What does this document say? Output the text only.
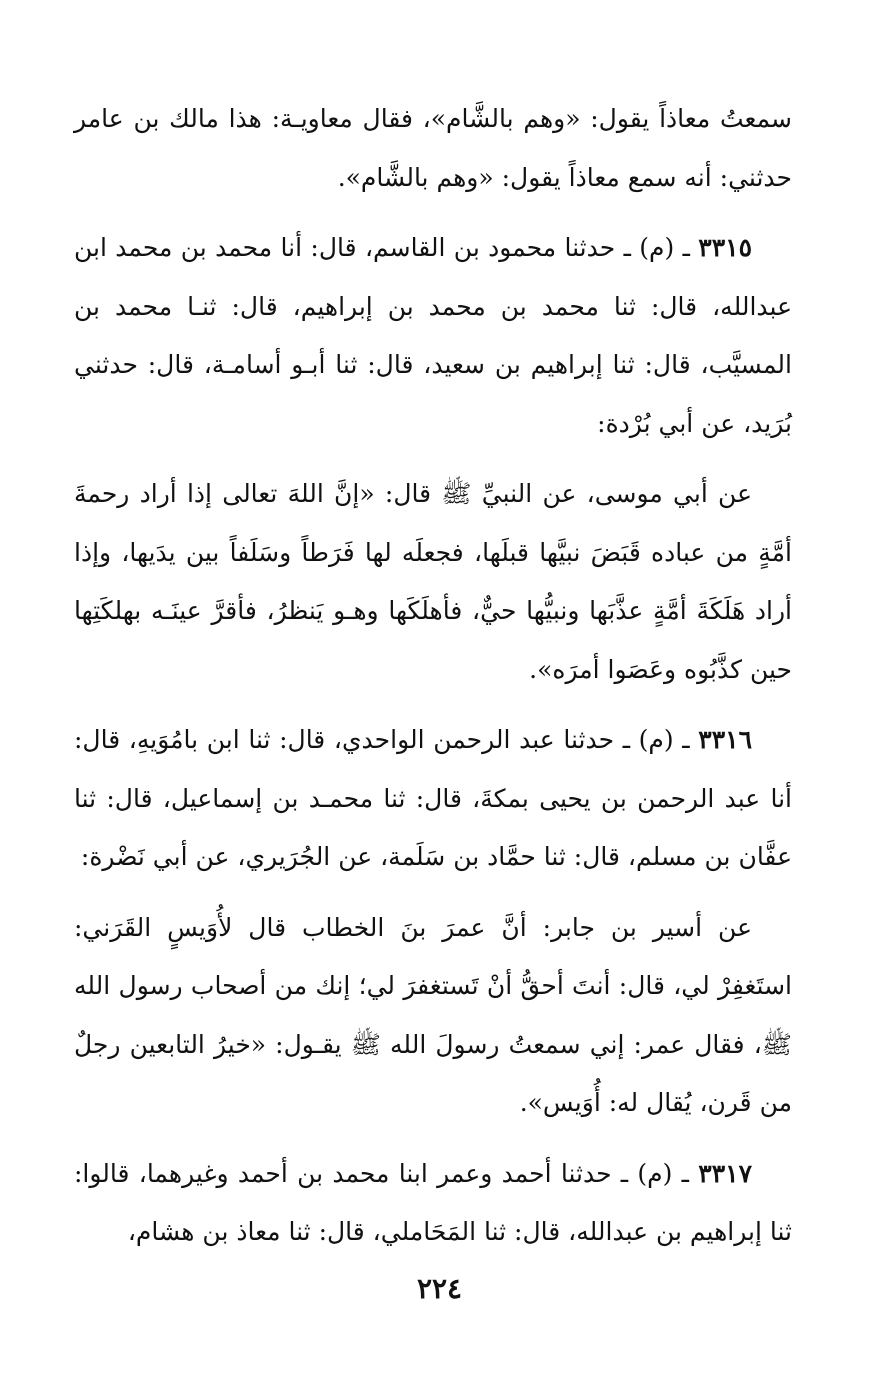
سمعتُ معاذاً يقول: «وهم بالشَّام»، فقال معاويـة: هذا مالك بن عامر حدثني: أنه سمع معاذاً يقول: «وهم بالشَّام».

٣٣١٥ ـ (م) ـ حدثنا محمود بن القاسم، قال: أنا محمد بن محمد ابن عبدالله، قال: ثنا محمد بن محمد بن إبراهيم، قال: ثنـا محمد بن المسيَّب، قال: ثنا إبراهيم بن سعيد، قال: ثنا أبـو أسامـة، قال: حدثني بُرَيد، عن أبي بُرْدة:

عن أبي موسى، عن النبيِّ ﷺ قال: «إنَّ اللهَ تعالى إذا أراد رحمةَ أمَّةٍ من عباده قَبَضَ نبيَّها قبلَها، فجعلَه لها فَرَطاً وسَلَفاً بين يدَيها، وإذا أراد هَلَكَةَ أمَّةٍ عذَّبَها ونبيُّها حيٌّ، فأهلَكَها وهـو يَنظرُ، فأقرَّ عينَـه بهلكَتِها حين كذَّبُوه وعَصَوا أمرَه».

٣٣١٦ ـ (م) ـ حدثنا عبد الرحمن الواحدي، قال: ثنا ابن بامُوَيهِ، قال: أنا عبد الرحمن بن يحيى بمكةَ، قال: ثنا محمـد بن إسماعيل، قال: ثنا عفَّان بن مسلم، قال: ثنا حمَّاد بن سَلَمة، عن الجُرَيري، عن أبي نَضْرة:

عن أسير بن جابر: أنَّ عمرَ بنَ الخطاب قال لأُوَيسٍ القَرَني: استَغفِرْ لي، قال: أنتَ أحقُّ أنْ تَستغفرَ لي؛ إنك من أصحاب رسول الله ﷺ، فقال عمر: إني سمعتُ رسولَ الله ﷺ يقـول: «خيرُ التابعين رجلٌ من قَرن، يُقال له: أُوَيس».

٣٣١٧ ـ (م) ـ حدثنا أحمد وعمر ابنا محمد بن أحمد وغيرهما، قالوا: ثنا إبراهيم بن عبدالله، قال: ثنا المَحَاملي، قال: ثنا معاذ بن هشام،

٢٢٤
